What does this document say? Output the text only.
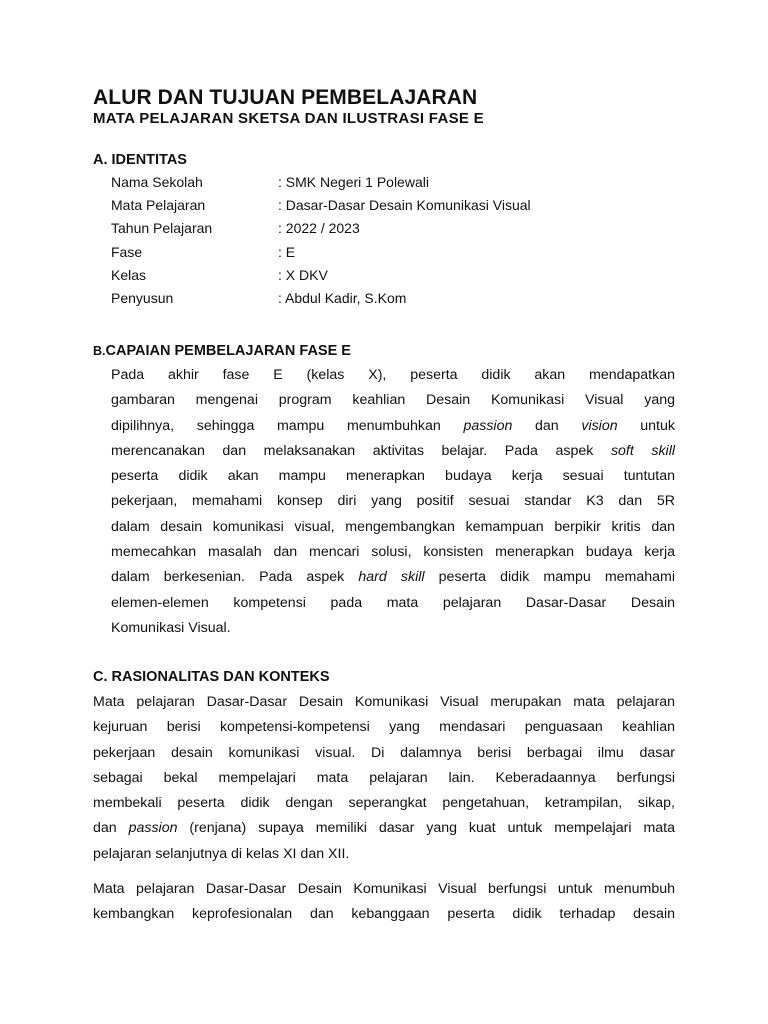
ALUR DAN TUJUAN PEMBELAJARAN
MATA PELAJARAN SKETSA DAN ILUSTRASI FASE E
A. IDENTITAS
Nama Sekolah	: SMK Negeri 1 Polewali
Mata Pelajaran	: Dasar-Dasar Desain Komunikasi Visual
Tahun Pelajaran	: 2022 / 2023
Fase	: E
Kelas	: X DKV
Penyusun	: Abdul Kadir, S.Kom
B.CAPAIAN PEMBELAJARAN FASE E
Pada akhir fase E (kelas X), peserta didik akan mendapatkan
gambaran mengenai program keahlian Desain Komunikasi Visual yang
dipilihnya, sehingga mampu menumbuhkan passion dan vision untuk
merencanakan dan melaksanakan aktivitas belajar. Pada aspek soft skill
peserta didik akan mampu menerapkan budaya kerja sesuai tuntutan
pekerjaan, memahami konsep diri yang positif sesuai standar K3 dan 5R
dalam desain komunikasi visual, mengembangkan kemampuan berpikir kritis dan
memecahkan masalah dan mencari solusi, konsisten menerapkan budaya kerja
dalam berkesenian. Pada aspek hard skill peserta didik mampu memahami
elemen-elemen kompetensi pada mata pelajaran Dasar-Dasar Desain
Komunikasi Visual.
C. RASIONALITAS DAN KONTEKS
Mata pelajaran Dasar-Dasar Desain Komunikasi Visual merupakan mata pelajaran
kejuruan berisi kompetensi-kompetensi yang mendasari penguasaan keahlian
pekerjaan desain komunikasi visual. Di dalamnya berisi berbagai ilmu dasar
sebagai bekal mempelajari mata pelajaran lain. Keberadaannya berfungsi
membekali peserta didik dengan seperangkat pengetahuan, ketrampilan, sikap,
dan passion (renjana) supaya memiliki dasar yang kuat untuk mempelajari mata
pelajaran selanjutnya di kelas XI dan XII.
Mata pelajaran Dasar-Dasar Desain Komunikasi Visual berfungsi untuk menumbuh
kembangkan keprofesionalan dan kebanggaan peserta didik terhadap desain
